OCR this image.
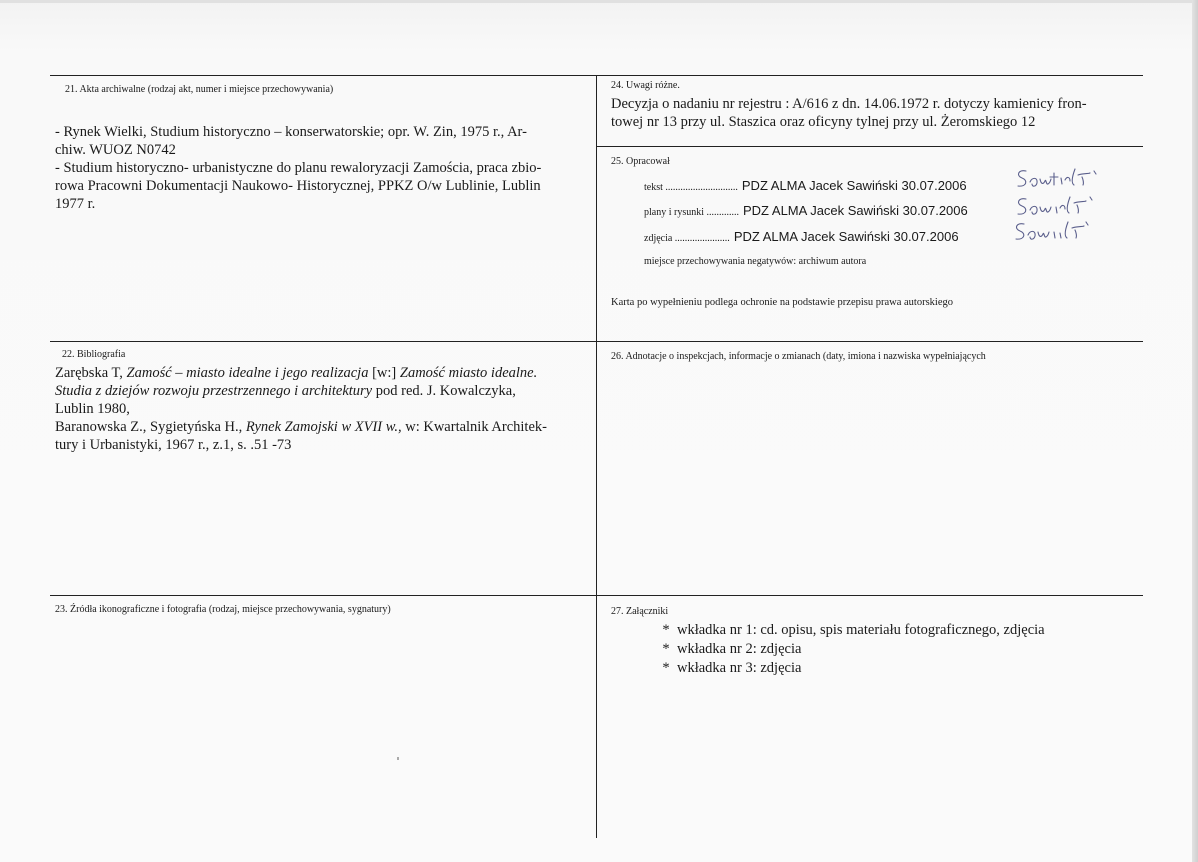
21. Akta archiwalne (rodzaj akt, numer i miejsce przechowywania)
- Rynek Wielki, Studium historyczno – konserwatorskie; opr. W. Zin, 1975 r., Ar-
chiw. WUOZ N0742
- Studium historyczno- urbanistyczne do planu rewaloryzacji Zamościa, praca zbio-
rowa Pracowni Dokumentacji Naukowo- Historycznej, PPKZ O/w Lublinie, Lublin
1977 r.
22. Bibliografia
Zarębska T, Zamość – miasto idealne i jego realizacja [w:] Zamość miasto idealne.
Studia z dziejów rozwoju przestrzennego i architektury pod red. J. Kowalczyka,
Lublin 1980,
Baranowska Z., Sygietyńska H., Rynek Zamojski w XVII w., w: Kwartalnik Architek-
tury i Urbanistyki, 1967 r., z.1, s. .51 -73
23. Źródła ikonograficzne i fotografia (rodzaj, miejsce przechowywania, sygnatury)
24. Uwagi różne.
Decyzja o nadaniu nr rejestru : A/616 z dn. 14.06.1972 r. dotyczy kamienicy fron-
towej nr 13 przy ul. Staszica oraz oficyny tylnej przy ul. Żeromskiego 12
25. Opracował
tekst ............................. PDZ ALMA Jacek Sawiński 30.07.2006
plany i rysunki ............. PDZ ALMA Jacek Sawiński 30.07.2006
zdjęcia ...................... PDZ ALMA Jacek Sawiński 30.07.2006
miejsce przechowywania negatywów: archiwum autora
Karta po wypełnieniu podlega ochronie na podstawie przepisu prawa autorskiego
26. Adnotacje o inspekcjach, informacje o zmianach (daty, imiona i nazwiska wypełniających
27. Załączniki
* wkładka nr 1: cd. opisu, spis materiału fotograficznego, zdjęcia
* wkładka nr 2: zdjęcia
* wkładka nr 3: zdjęcia
